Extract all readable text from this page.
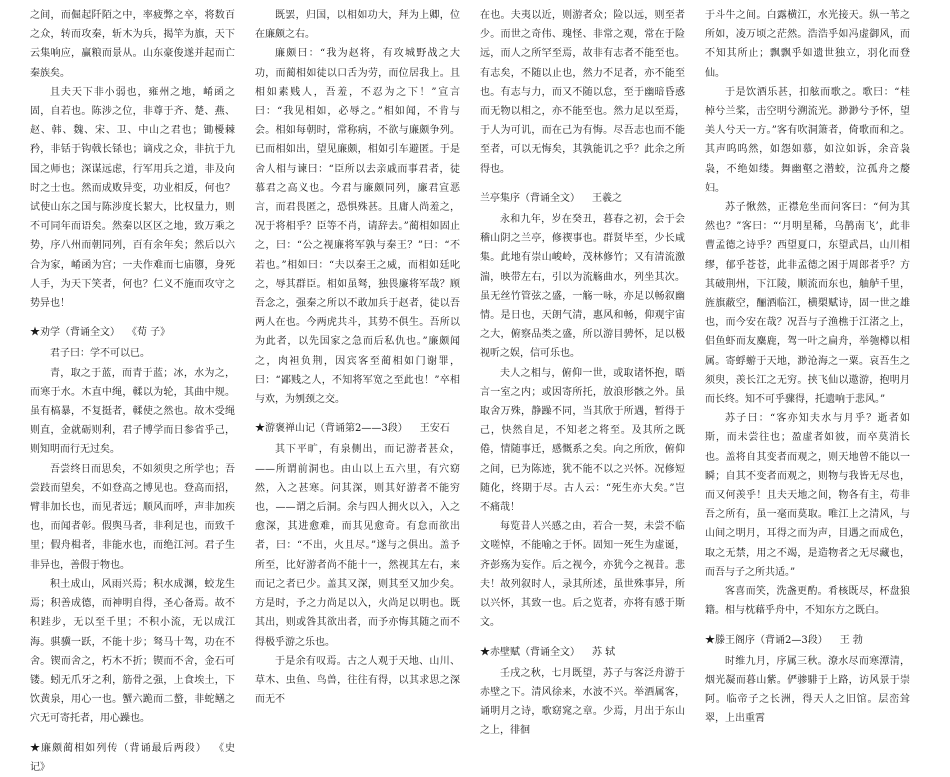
之间，而倔起阡陌之中，率疲弊之卒，将数百之众，转而攻秦，斩木为兵，揭竿为旗，天下云集响应，赢粮而景从。山东豪俊遂并起而亡秦族矣。

且夫天下非小弱也，雍州之地，崤函之固，自若也。陈涉之位，非尊于齐、楚、燕、赵、韩、魏、宋、卫、中山之君也；锄櫌棘矜，非铦于钩戟长铩也；谪戍之众，非抗于九国之师也；深谋远虑，行军用兵之道，非及向时之士也。然而成败异变，功业相反，何也？试使山东之国与陈涉度长絜大，比权量力，则不可同年而语矣。然秦以区区之地，致万乘之势，序八州而朝同列，百有余年矣；然后以六合为家，崤函为宫；一夫作难而七庙隳，身死人手，为天下笑者，何也？仁义不施而攻守之势异也！

★劝学（背诵全文） 《荀 子》

君子曰：学不可以已。

青，取之于蓝，而青于蓝；冰，水为之，而寒于水。木直中绳，輮以为轮，其曲中规。虽有槁暴，不复挺者，輮使之然也。故木受绳则直，金就砺则利，君子博学而日参省乎己，则知明而行无过矣。

吾尝终日而思矣，不如须臾之所学也；吾尝跂而望矣，不如登高之博见也。登高而招，臂非加长也，而见者远；顺风而呼，声非加疾也，而闻者彰。假舆马者，非利足也，而致千里；假舟楫者，非能水也，而绝江河。君子生非异也，善假于物也。

积土成山，风雨兴焉；积水成渊，蛟龙生焉；积善成德，而神明自得，圣心备焉。故不积跬步，无以至千里；不积小流，无以成江海。骐骥一跃，不能十步；驽马十驾，功在不舍。锲而舍之，朽木不折；锲而不舍，金石可镂。蚓无爪牙之利，筋骨之强，上食埃土，下饮黄泉，用心一也。蟹六跪而二螯，非蛇鳝之穴无可寄托者，用心躁也。

★廉颇蔺相如列传（背诵最后两段） 《史 记》

既罢，归国，以相如功大，拜为上卿，位在廉颇之右。

廉颇曰：“我为赵将，有攻城野战之大功，而蔺相如徒以口舌为劳，而位居我上。且相如素贱人，吾羞，不忍为之下！”宣言曰：“我见相如，必辱之。”相如闻，不肯与会。相如每朝时，常称病，不欲与廉颇争列。已而相如出，望见廉颇，相如引车避匿。于是舍人相与谏曰：“臣所以去亲戚而事君者，徒慕君之高义也。今君与廉颇同列，廉君宣恶言，而君畏匿之，恐惧殊甚。且庸人尚羞之，况于将相乎？臣等不肖，请辞去。”蔺相如固止之，曰：“公之视廉将军孰与秦王？”曰：“不若也。”相如曰：“夫以秦王之威，而相如廷叱之，辱其群臣。相如虽驽，独畏廉将军哉？顾吾念之，强秦之所以不敢加兵于赵者，徒以吾两人在也。今两虎共斗，其势不俱生。吾所以为此者，以先国家之急而后私仇也。”廉颇闻之，肉袒负荆，因宾客至蔺相如门谢罪，曰：“鄙贱之人，不知将军宽之至此也！”卒相与欢，为刎颈之交。

★游褒禅山记（背诵第2——3段） 王安石

其下平旷，有泉侧出，而记游者甚众，——所谓前洞也。由山以上五六里，有穴窈然，入之甚寒。问其深，则其好游者不能穷也，——谓之后洞。余与四人拥火以入，入之愈深，其进愈难，而其见愈奇。有怠而欲出者，曰：“不出，火且尽。”遂与之俱出。盖予所至，比好游者尚不能十一，然视其左右，来而记之者已少。盖其又深，则其至又加少矣。方是时，予之力尚足以入，火尚足以明也。既其出，则或咎其欲出者，而予亦悔其随之而不得极乎游之乐也。

于是余有叹焉。古之人观于天地、山川、草木、虫鱼、鸟兽，往往有得，以其求思之深而无不

在也。夫夷以近，则游者众；险以远，则至者少。而世之奇伟、瑰怪、非常之观，常在于险远，而人之所罕至焉，故非有志者不能至也。有志矣，不随以止也，然力不足者，亦不能至也。有志与力，而又不随以怠，至于幽暗昏惑而无物以相之，亦不能至也。然力足以至焉，于人为可讥，而在己为有悔。尽吾志也而不能至者，可以无悔矣，其孰能讥之乎？此余之所得也。

兰亭集序（背诵全文） 王羲之

永和九年，岁在癸丑，暮春之初，会于会稽山阴之兰亭，修禊事也。群贤毕至，少长咸集。此地有崇山峻岭，茂林修竹；又有清流激湍，映带左右，引以为流觞曲水，列坐其次。虽无丝竹管弦之盛，一觞一咏，亦足以畅叙幽情。是日也，天朗气清，惠风和畅，仰观宇宙之大，俯察品类之盛，所以游目骋怀，足以极视听之娱，信可乐也。

夫人之相与，俯仰一世，或取诸怀抱，晤言一室之内；或因寄所托，放浪形骸之外。虽取舍万殊，静躁不同，当其欣于所遇，暂得于己，快然自足，不知老之将至。及其所之既倦，情随事迁，感慨系之矣。向之所欣，俯仰之间，已为陈迹，犹不能不以之兴怀。况修短随化，终期于尽。古人云：“死生亦大矣。”岂不痛哉！

每览昔人兴感之由，若合一契，未尝不临文嗟悼，不能喻之于怀。固知一死生为虚诞，齐彭殇为妄作。后之视今，亦犹今之视昔。悲夫！故列叙时人，录其所述，虽世殊事异，所以兴怀，其致一也。后之览者，亦将有感于斯文。

★赤壁赋（背诵全文） 苏 轼

壬戌之秋，七月既望，苏子与客泛舟游于赤壁之下。清风徐来，水波不兴。举酒属客，诵明月之诗，歌窈窕之章。少焉，月出于东山之上，徘徊

于斗牛之间。白露横江，水光接天。纵一苇之所如，凌万顷之茫然。浩浩乎如冯虚御风，而不知其所止；飘飘乎如遗世独立，羽化而登仙。

于是饮酒乐甚，扣舷而歌之。歌曰：“桂棹兮兰桨，击空明兮溯流光。渺渺兮予怀，望美人兮天一方。”客有吹洞箫者，倚歌而和之。其声呜呜然，如怨如慕，如泣如诉，余音袅袅，不绝如缕。舞幽壑之潜蛟，泣孤舟之嫠妇。

苏子愀然，正襟危坐而问客曰：“何为其然也？”客曰：“‘月明星稀，乌鹊南飞’，此非曹孟德之诗乎？西望夏口，东望武昌，山川相缪，郁乎苍苍，此非孟德之困于周郎者乎？方其破荆州，下江陵，顺流而东也，舳舻千里，旌旗蔽空，酾酒临江，横槊赋诗，固一世之雄也，而今安在哉？况吾与子渔樵于江渚之上，侣鱼虾而友麋鹿，驾一叶之扁舟，举匏樽以相属。寄蜉蝣于天地，渺沧海之一粟。哀吾生之须臾，羡长江之无穷。挟飞仙以遨游，抱明月而长终。知不可乎骤得，托遗响于悲风。”

苏子曰：“客亦知夫水与月乎？逝者如斯，而未尝往也；盈虚者如彼，而卒莫消长也。盖将自其变者而观之，则天地曾不能以一瞬；自其不变者而观之，则物与我皆无尽也，而又何羡乎！且夫天地之间，物各有主，苟非吾之所有，虽一毫而莫取。唯江上之清风，与山间之明月，耳得之而为声，目遇之而成色，取之无禁，用之不竭，是造物者之无尽藏也，而吾与子之所共适。”

客喜而笑，洗盏更酌。肴核既尽，杯盘狼籍。相与枕藉乎舟中，不知东方之既白。

★滕王阁序（背诵2—3段） 王 勃

时维九月，序属三秋。潦水尽而寒潭清，烟光凝而暮山紫。俨骖騑于上路，访风景于崇阿。临帝子之长洲，得天人之旧馆。层峦耸翠，上出重霄
